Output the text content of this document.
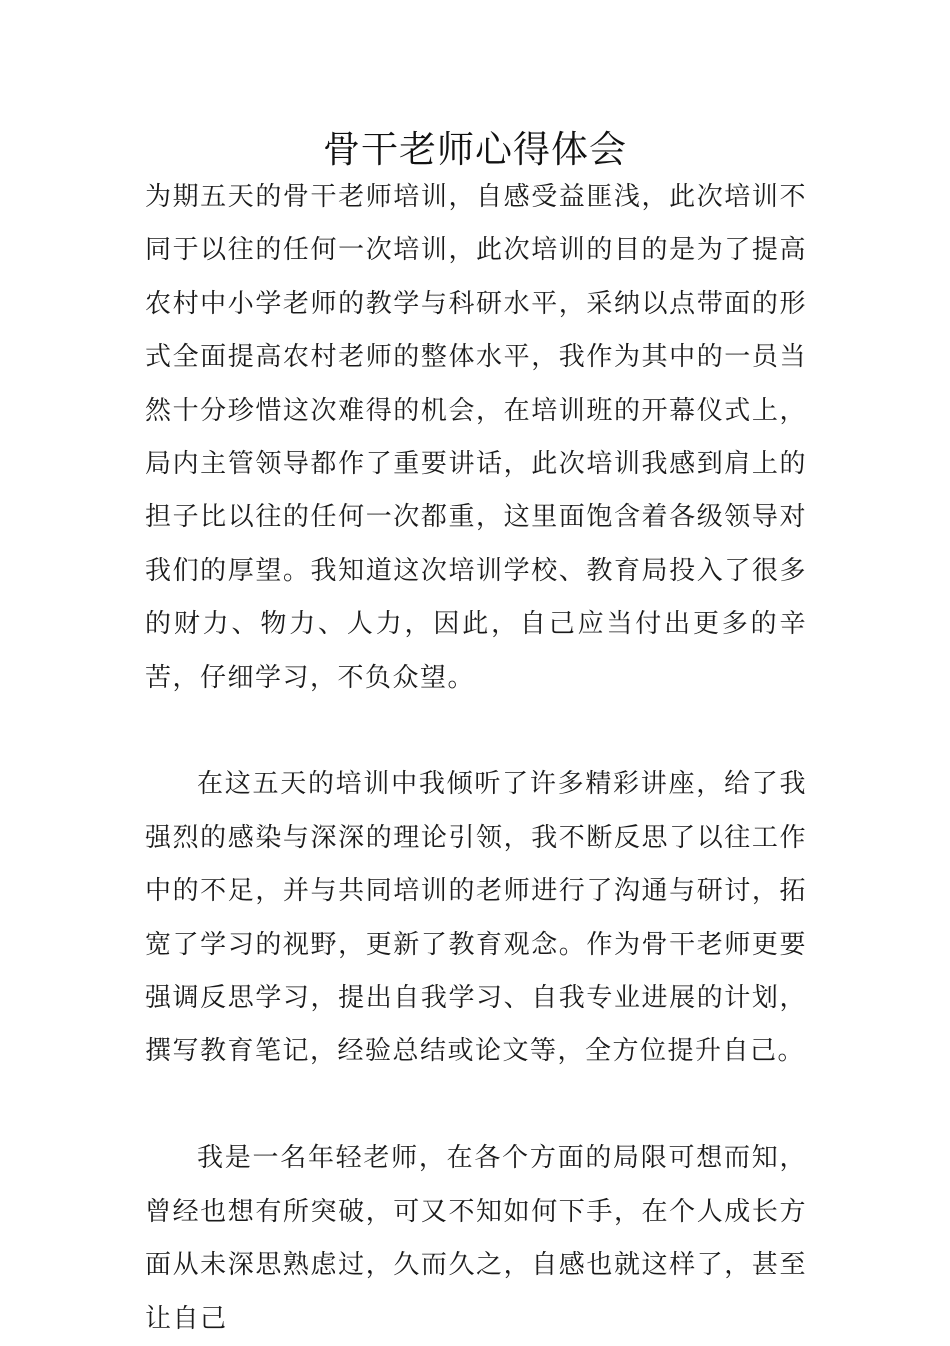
骨干老师心得体会

为期五天的骨干老师培训，自感受益匪浅，此次培训不同于以往的任何一次培训，此次培训的目的是为了提高农村中小学老师的教学与科研水平，采纳以点带面的形式全面提高农村老师的整体水平，我作为其中的一员当然十分珍惜这次难得的机会，在培训班的开幕仪式上，局内主管领导都作了重要讲话，此次培训我感到肩上的担子比以往的任何一次都重，这里面饱含着各级领导对我们的厚望。我知道这次培训学校、教育局投入了很多的财力、物力、人力，因此，自己应当付出更多的辛苦，仔细学习，不负众望。

在这五天的培训中我倾听了许多精彩讲座，给了我强烈的感染与深深的理论引领，我不断反思了以往工作中的不足，并与共同培训的老师进行了沟通与研讨，拓宽了学习的视野，更新了教育观念。作为骨干老师更要强调反思学习，提出自我学习、自我专业进展的计划，撰写教育笔记，经验总结或论文等，全方位提升自己。

我是一名年轻老师，在各个方面的局限可想而知，曾经也想有所突破，可又不知如何下手，在个人成长方面从未深思熟虑过，久而久之，自感也就这样了，甚至让自己
